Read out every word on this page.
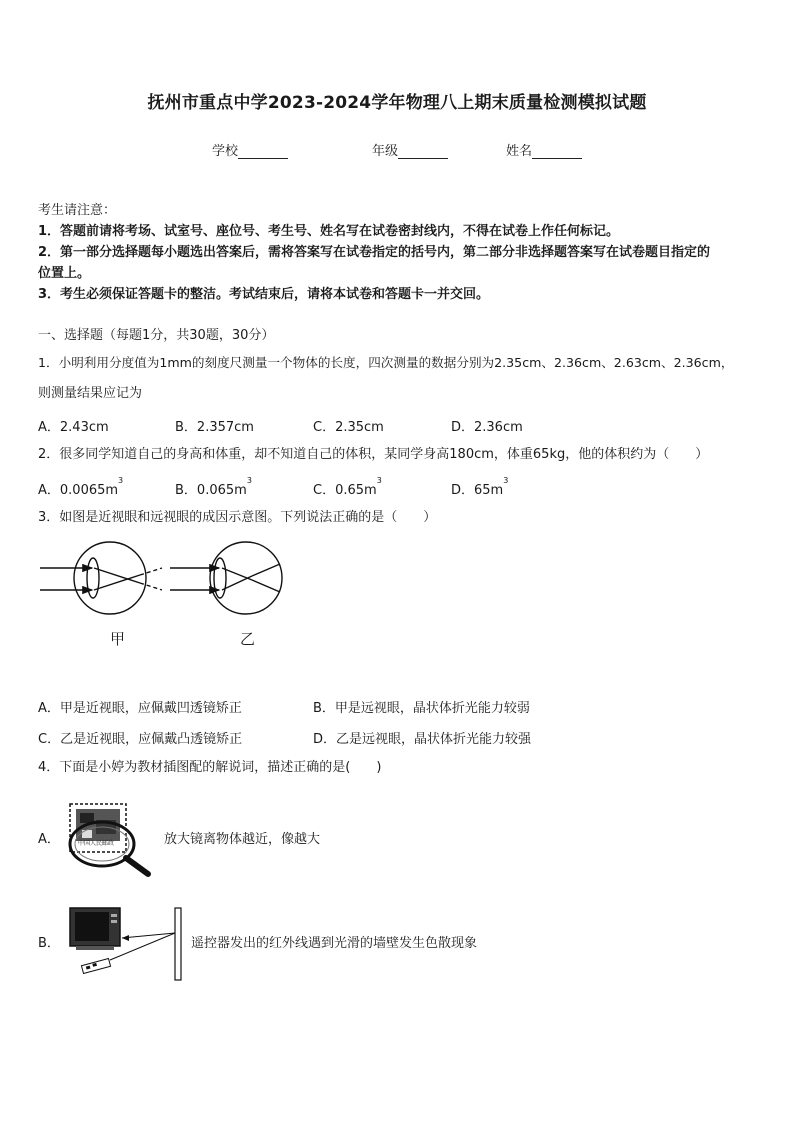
抚州市重点中学2023-2024学年物理八上期末质量检测模拟试题
学校	年级	姓名
考生请注意：
1．答题前请将考场、试室号、座位号、考生号、姓名写在试卷密封线内，不得在试卷上作任何标记。
2．第一部分选择题每小题选出答案后，需将答案写在试卷指定的括号内，第二部分非选择题答案写在试卷题目指定的
位置上。
3．考生必须保证答题卡的整洁。考试结束后，请将本试卷和答题卡一并交回。
一、选择题（每题1分，共30题，30分）
1．小明利用分度值为1mm的刻度尺测量一个物体的长度，四次测量的数据分别为2.35cm、2.36cm、2.63cm、2.36cm，
则测量结果应记为
A．2.43cm	B．2.357cm	C．2.35cm	D．2.36cm
2．很多同学知道自己的身高和体重，却不知道自己的体积，某同学身高180cm，体重65kg，他的体积约为（　　）
A．$0.0065m^3$
B．$0.065m^3$
C．$0.65m^3$
D．$65m^3$
3．如图是近视眼和远视眼的成因示意图。下列说法正确的是（　　）
甲	乙
A．甲是近视眼，应佩戴凹透镜矫正	B．甲是远视眼，晶状体折光能力较弱
C．乙是近视眼，应佩戴凸透镜矫正	D．乙是远视眼，晶状体折光能力较强
4．下面是小婷为教材插图配的解说词，描述正确的是(　　)
A．	中国人民邮政	放大镜离物体越近，像越大
B．	遥控器发出的红外线遇到光滑的墙壁发生色散现象
